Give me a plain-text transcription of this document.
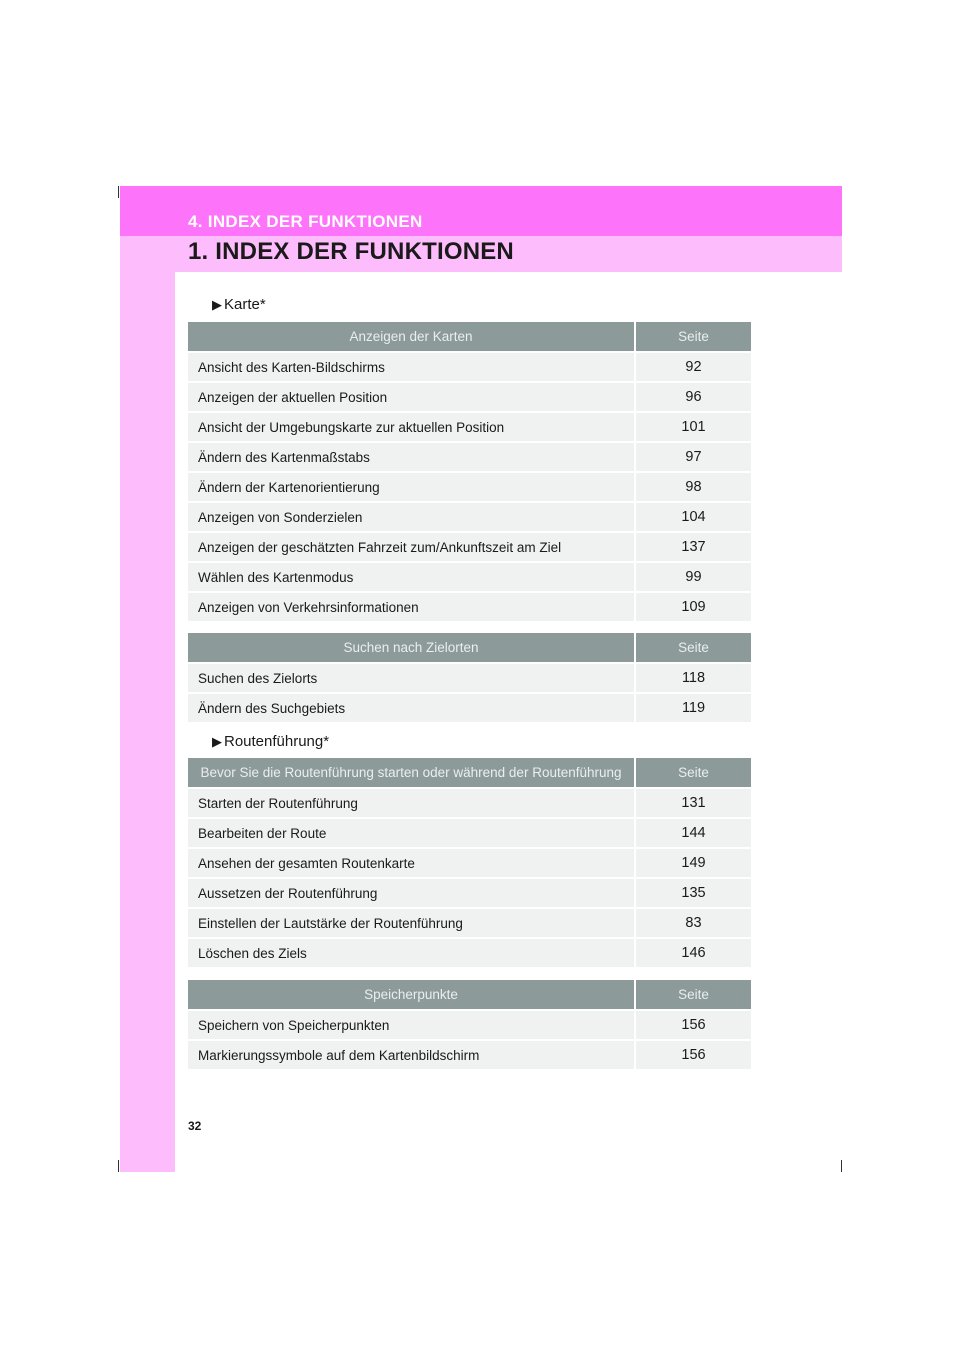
4. INDEX DER FUNKTIONEN
1. INDEX DER FUNKTIONEN
▶ Karte*
Anzeigen der Karten	Seite
Ansicht des Karten-Bildschirms	92
Anzeigen der aktuellen Position	96
Ansicht der Umgebungskarte zur aktuellen Position	101
Ändern des Kartenmaßstabs	97
Ändern der Kartenorientierung	98
Anzeigen von Sonderzielen	104
Anzeigen der geschätzten Fahrzeit zum/Ankunftszeit am Ziel	137
Wählen des Kartenmodus	99
Anzeigen von Verkehrsinformationen	109
Suchen nach Zielorten	Seite
Suchen des Zielorts	118
Ändern des Suchgebiets	119
▶ Routenführung*
Bevor Sie die Routenführung starten oder während der Routenführung	Seite
Starten der Routenführung	131
Bearbeiten der Route	144
Ansehen der gesamten Routenkarte	149
Aussetzen der Routenführung	135
Einstellen der Lautstärke der Routenführung	83
Löschen des Ziels	146
Speicherpunkte	Seite
Speichern von Speicherpunkten	156
Markierungssymbole auf dem Kartenbildschirm	156
32
